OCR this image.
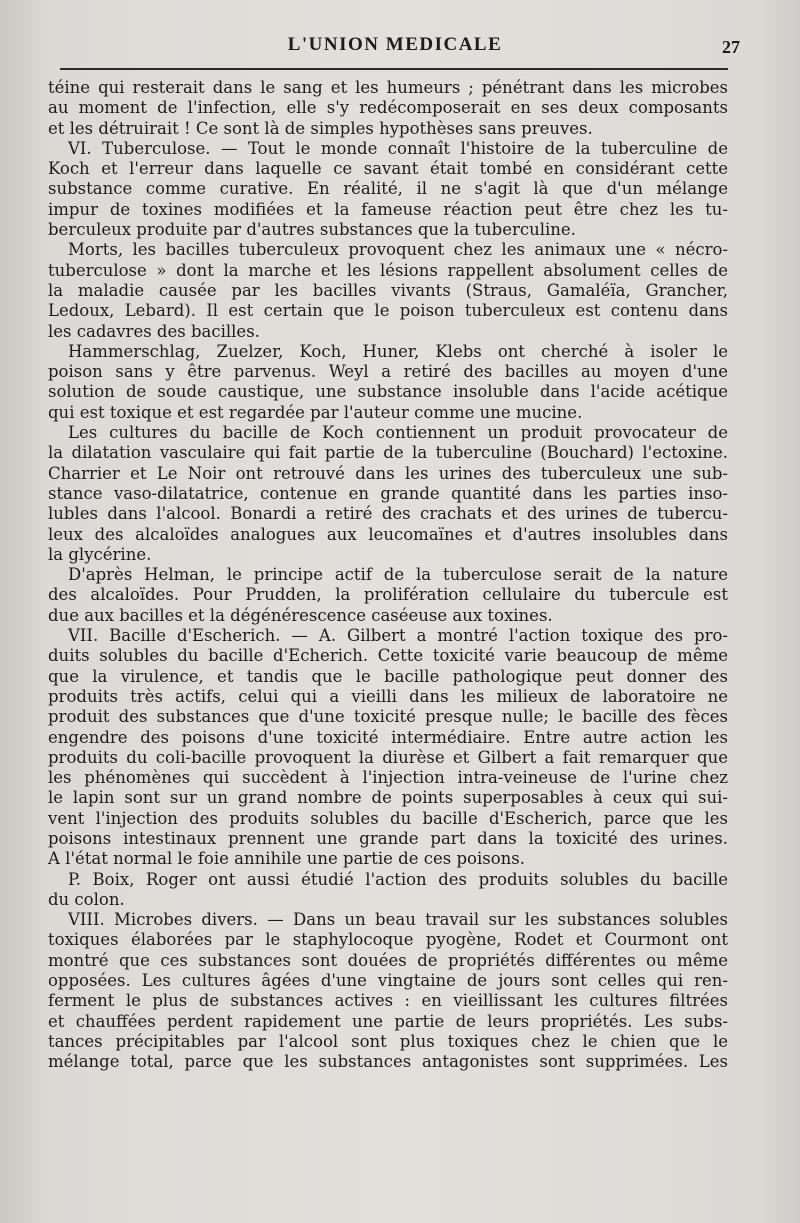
L'UNION MEDICALE	27
téine qui resterait dans le sang et les humeurs ; pénétrant dans les microbes
au moment de l'infection, elle s'y redécomposerait en ses deux composants
et les détruirait ! Ce sont là de simples hypothèses sans preuves.
VI. Tuberculose. — Tout le monde connaît l'histoire de la tuberculine de
Koch et l'erreur dans laquelle ce savant était tombé en considérant cette
substance comme curative. En réalité, il ne s'agit là que d'un mélange
impur de toxines modifiées et la fameuse réaction peut être chez les tu-
berculeux produite par d'autres substances que la tuberculine.
Morts, les bacilles tuberculeux provoquent chez les animaux une « nécro-
tuberculose » dont la marche et les lésions rappellent absolument celles de
la maladie causée par les bacilles vivants (Straus, Gamaléïa, Grancher,
Ledoux, Lebard). Il est certain que le poison tuberculeux est contenu dans
les cadavres des bacilles.
Hammerschlag, Zuelzer, Koch, Huner, Klebs ont cherché à isoler le
poison sans y être parvenus. Weyl a retiré des bacilles au moyen d'une
solution de soude caustique, une substance insoluble dans l'acide acétique
qui est toxique et est regardée par l'auteur comme une mucine.
Les cultures du bacille de Koch contiennent un produit provocateur de
la dilatation vasculaire qui fait partie de la tuberculine (Bouchard) l'ectoxine.
Charrier et Le Noir ont retrouvé dans les urines des tuberculeux une sub-
stance vaso-dilatatrice, contenue en grande quantité dans les parties inso-
lubles dans l'alcool. Bonardi a retiré des crachats et des urines de tubercu-
leux des alcaloïdes analogues aux leucomaïnes et d'autres insolubles dans
la glycérine.
D'après Helman, le principe actif de la tuberculose serait de la nature
des alcaloïdes. Pour Prudden, la prolifération cellulaire du tubercule est
due aux bacilles et la dégénérescence caséeuse aux toxines.
VII. Bacille d'Escherich. — A. Gilbert a montré l'action toxique des pro-
duits solubles du bacille d'Echerich. Cette toxicité varie beaucoup de même
que la virulence, et tandis que le bacille pathologique peut donner des
produits très actifs, celui qui a vieilli dans les milieux de laboratoire ne
produit des substances que d'une toxicité presque nulle; le bacille des fèces
engendre des poisons d'une toxicité intermédiaire. Entre autre action les
produits du coli-bacille provoquent la diurèse et Gilbert a fait remarquer que
les phénomènes qui succèdent à l'injection intra-veineuse de l'urine chez
le lapin sont sur un grand nombre de points superposables à ceux qui sui-
vent l'injection des produits solubles du bacille d'Escherich, parce que les
poisons intestinaux prennent une grande part dans la toxicité des urines.
A l'état normal le foie annihile une partie de ces poisons.
P. Boix, Roger ont aussi étudié l'action des produits solubles du bacille
du colon.
VIII. Microbes divers. — Dans un beau travail sur les substances solubles
toxiques élaborées par le staphylocoque pyogène, Rodet et Courmont ont
montré que ces substances sont douées de propriétés différentes ou même
opposées. Les cultures âgées d'une vingtaine de jours sont celles qui ren-
ferment le plus de substances actives : en vieillissant les cultures filtrées
et chauffées perdent rapidement une partie de leurs propriétés. Les subs-
tances précipitables par l'alcool sont plus toxiques chez le chien que le
mélange total, parce que les substances antagonistes sont supprimées. Les
